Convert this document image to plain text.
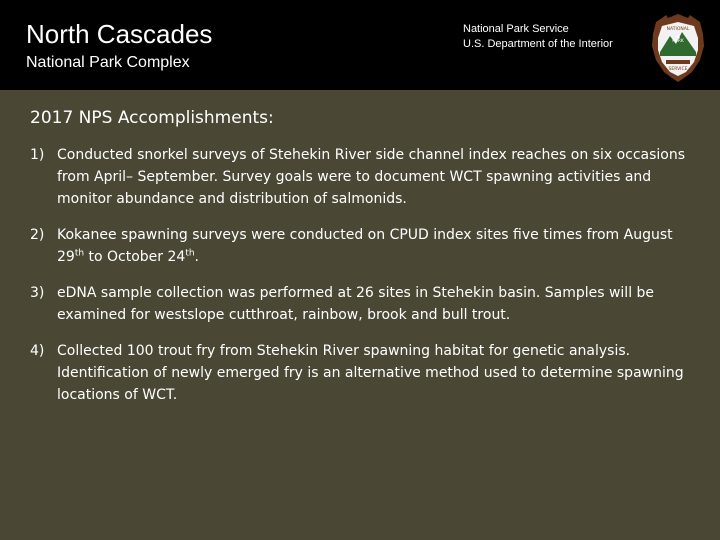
North Cascades
National Park Complex
National Park Service
U.S. Department of the Interior
NATIONAL
PARK
SERVICE
2017 NPS Accomplishments:
1) Conducted snorkel surveys of Stehekin River side channel index reaches on six occasions from April– September. Survey goals were to document WCT spawning activities and monitor abundance and distribution of salmonids.
2) Kokanee spawning surveys were conducted on CPUD index sites five times from August 29th to October 24th.
3) eDNA sample collection was performed at 26 sites in Stehekin basin. Samples will be examined for westslope cutthroat, rainbow, brook and bull trout.
4) Collected 100 trout fry from Stehekin River spawning habitat for genetic analysis. Identification of newly emerged fry is an alternative method used to determine spawning locations of WCT.
